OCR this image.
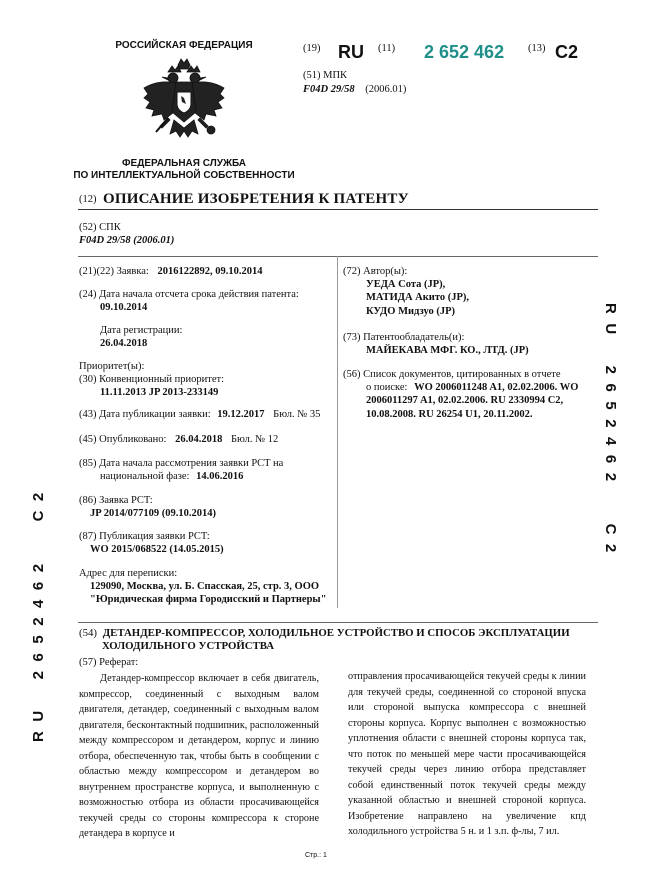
РОССИЙСКАЯ ФЕДЕРАЦИЯ
ФЕДЕРАЛЬНАЯ СЛУЖБА
ПО ИНТЕЛЛЕКТУАЛЬНОЙ СОБСТВЕННОСТИ
(19) RU (11) 2 652 462 (13) C2
(51) МПК
F04D 29/58 (2006.01)
(12) ОПИСАНИЕ ИЗОБРЕТЕНИЯ К ПАТЕНТУ
(52) СПК
F04D 29/58 (2006.01)
(21)(22) Заявка: 2016122892, 09.10.2014
(24) Дата начала отсчета срока действия патента:
09.10.2014
Дата регистрации:
26.04.2018
Приоритет(ы):
(30) Конвенционный приоритет:
11.11.2013 JP 2013-233149
(43) Дата публикации заявки: 19.12.2017 Бюл. № 35
(45) Опубликовано: 26.04.2018 Бюл. № 12
(85) Дата начала рассмотрения заявки PCT на
национальной фазе: 14.06.2016
(86) Заявка PCT:
JP 2014/077109 (09.10.2014)
(87) Публикация заявки PCT:
WO 2015/068522 (14.05.2015)
Адрес для переписки:
129090, Москва, ул. Б. Спасская, 25, стр. 3, ООО
"Юридическая фирма Городисский и Партнеры"
(72) Автор(ы):
УЕДА Сота (JP),
МАТИДА Акито (JP),
КУДО Мидзуо (JP)
(73) Патентообладатель(и):
МАЙЕКАВА МФГ. КО., ЛТД. (JP)
(56) Список документов, цитированных в отчете
о поиске: WO 2006011248 A1, 02.02.2006. WO
2006011297 A1, 02.02.2006. RU 2330994 C2,
10.08.2008. RU 26254 U1, 20.11.2002.
RU2652462C2
RU2652462C2
(54) ДЕТАНДЕР-КОМПРЕССОР, ХОЛОДИЛЬНОЕ УСТРОЙСТВО И СПОСОБ ЭКСПЛУАТАЦИИ
ХОЛОДИЛЬНОГО УСТРОЙСТВА
(57) Реферат:
Детандер-компрессор включает в себя двигатель, компрессор, соединенный с выходным валом двигателя, детандер, соединенный с выходным валом двигателя, бесконтактный подшипник, расположенный между компрессором и детандером, корпус и линию отбора, обеспеченную так, чтобы быть в сообщении с областью между компрессором и детандером во внутреннем пространстве корпуса, и выполненную с возможностью отбора из области просачивающейся текучей среды со стороны компрессора к стороне детандера в корпусе и
отправления просачивающейся текучей среды к линии для текучей среды, соединенной со стороной впуска или стороной выпуска компрессора с внешней стороны корпуса. Корпус выполнен с возможностью уплотнения области с внешней стороны корпуса так, что поток по меньшей мере части просачивающейся текучей среды через линию отбора представляет собой единственный поток текучей среды между указанной областью и внешней стороной корпуса. Изобретение направлено на увеличение кпд холодильного устройства 5 н. и 1 з.п. ф-лы, 7 ил.
Стр.: 1
